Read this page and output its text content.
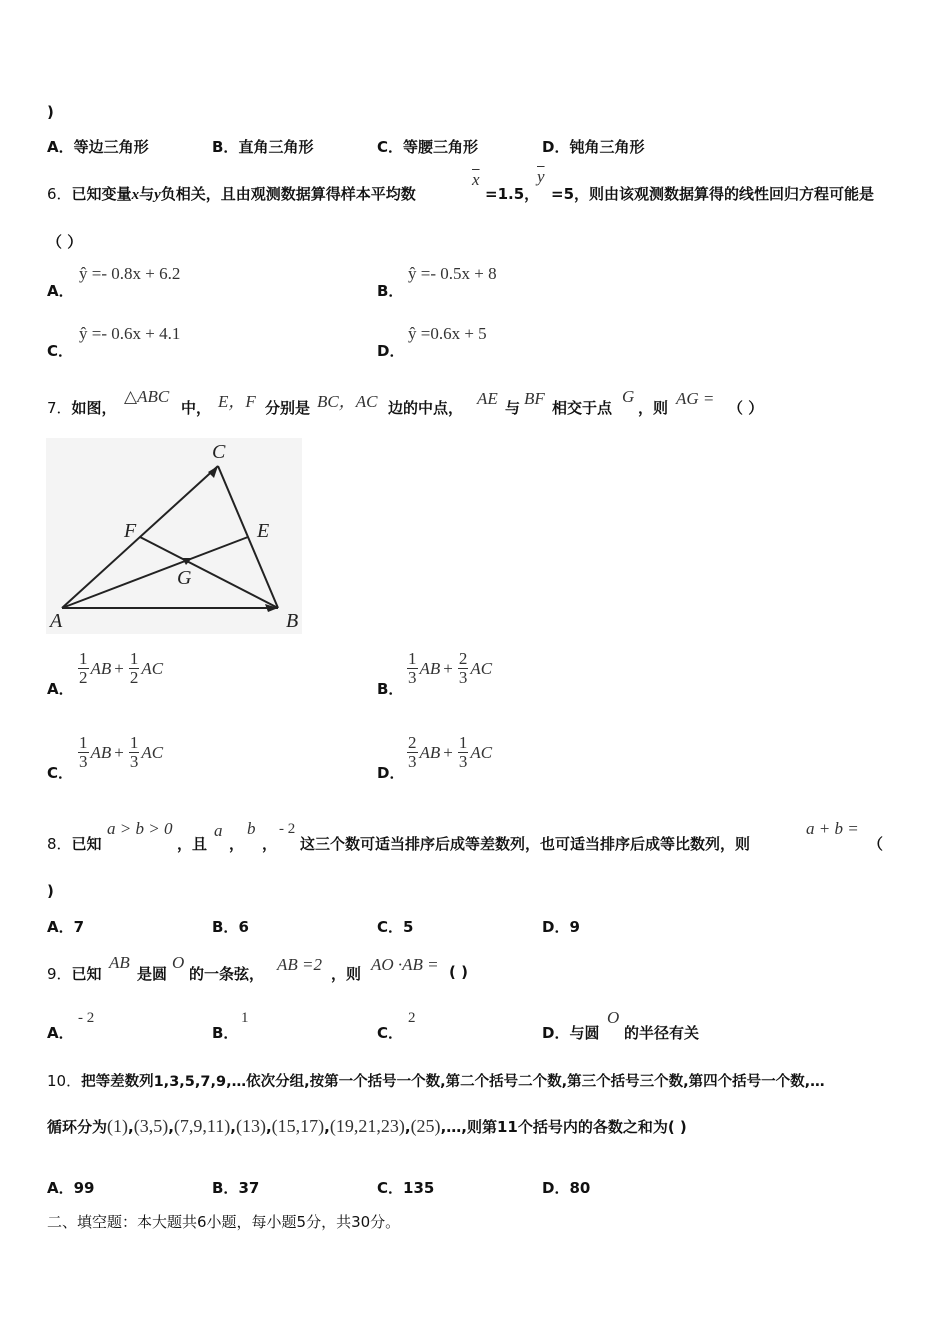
)
A．等边三角形	B．直角三角形	C．等腰三角形	D．钝角三角形
6．已知变量x与y负相关，且由观测数据算得样本平均数
$\overline{x}$
=1.5，
$\overline{y}$
=5，则由该观测数据算得的线性回归方程可能是
（ ）
A．
ŷ =- 0.8x + 6.2
B．
ŷ =- 0.5x + 8
C．
ŷ =- 0.6x + 4.1
D．
ŷ =0.6x + 5
7．如图，
△ABC
中， E，F 分别是 BC，AC 边的中点， AE 与 BF 相交于点
G
，则 AG = （ ）
C
F	E
G
A	B
A．
$\frac{1}{2}$ AB + $\frac{1}{2}$ AC
B．
$\frac{1}{3}$ AB + $\frac{2}{3}$ AC
C．
$\frac{1}{3}$ AB + $\frac{1}{3}$ AC
D．
$\frac{2}{3}$ AB + $\frac{1}{3}$ AC
8．已知
a > b > 0
，且
a
，
b
，
- 2
这三个数可适当排序后成等差数列，也可适当排序后成等比数列，则
a + b =
（
)
A．7	B．6	C．5	D．9
9．已知
AB
是圆
O
的一条弦， AB =2 ，则 AO ·AB = ( )
A．
- 2
B．
1
C．
2
D．与圆
O
的半径有关
10．把等差数列1,3,5,7,9,…依次分组,按第一个括号一个数,第二个括号二个数,第三个括号三个数,第四个括号一个数,…
循环分为(1),(3,5),(7,9,11),(13),(15,17),(19,21,23),(25),…,则第11个括号内的各数之和为( )
A．99	B．37	C．135	D．80
二、填空题：本大题共6小题，每小题5分，共30分。
